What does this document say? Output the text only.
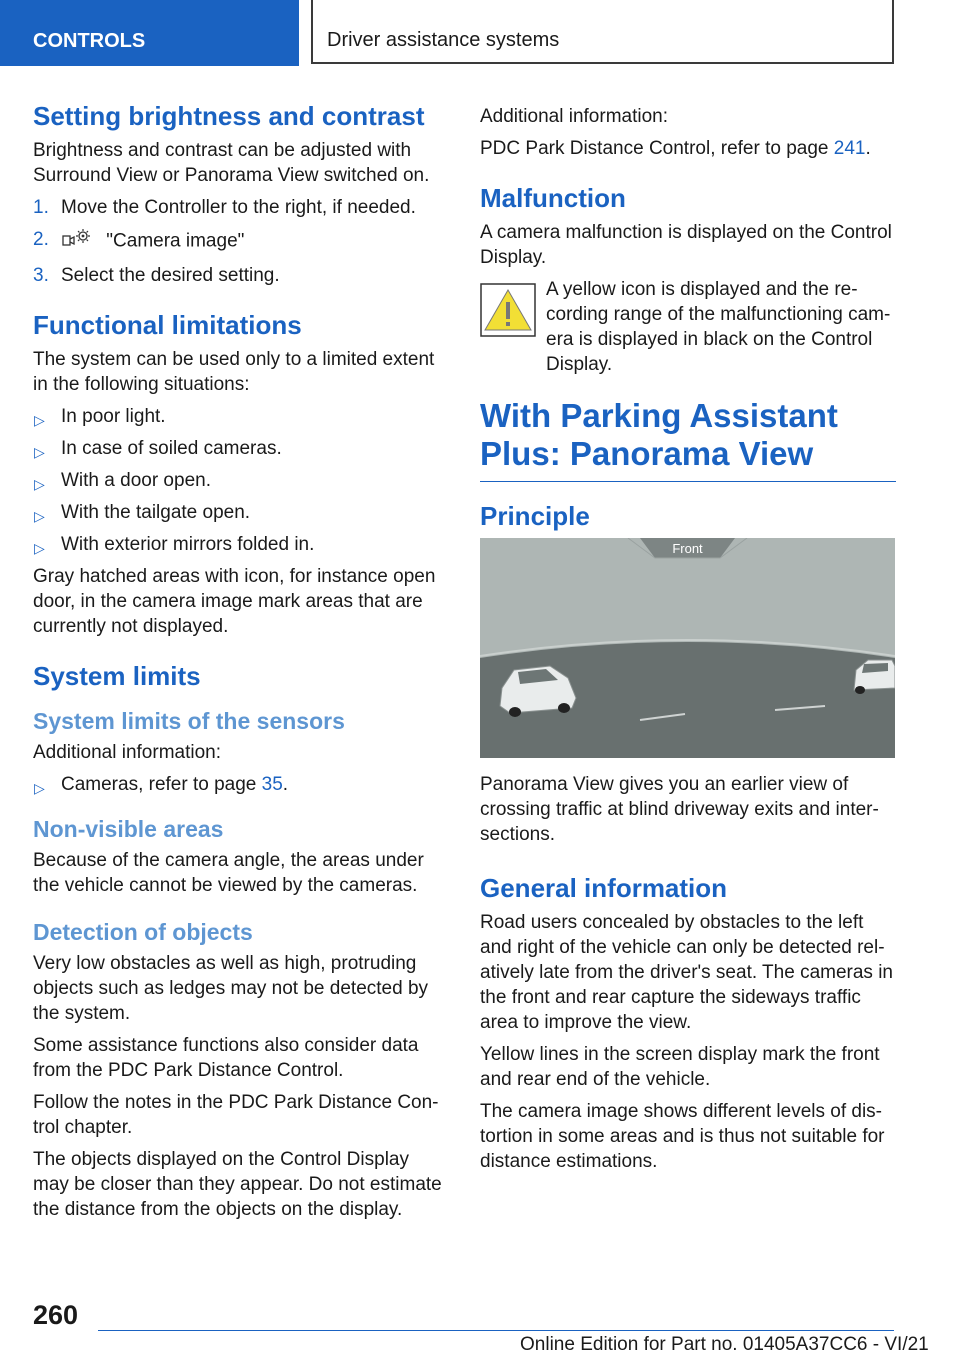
CONTROLS	Driver assistance systems
Setting brightness and contrast

Brightness and contrast can be adjusted with Surround View or Panorama View switched on.

1. Move the Controller to the right, if needed.
2.	"Camera image"
3. Select the desired setting.
Functional limitations

The system can be used only to a limited extent in the following situations:

▷ In poor light.
▷ In case of soiled cameras.
▷ With a door open.
▷ With the tailgate open.
▷ With exterior mirrors folded in.

Gray hatched areas with icon, for instance open door, in the camera image mark areas that are currently not displayed.

System limits
System limits of the sensors

Additional information:

▷ Cameras, refer to page 35.
Non-visible areas

Because of the camera angle, the areas under the vehicle cannot be viewed by the cameras.

Detection of objects

Very low obstacles as well as high, protruding objects such as ledges may not be detected by the system.

Some assistance functions also consider data from the PDC Park Distance Control.

Follow the notes in the PDC Park Distance Con‐trol chapter.

The objects displayed on the Control Display may be closer than they appear. Do not estimate the distance from the objects on the display.

Additional information:

PDC Park Distance Control, refer to page 241.

Malfunction

A camera malfunction is displayed on the Control Display.

A yellow icon is displayed and the re‐cording range of the malfunctioning cam‐era is displayed in black on the Control Display.

With Parking Assistant Plus: Panorama View
Principle
Front

Panorama View gives you an earlier view of crossing traffic at blind driveway exits and inter‐sections.

General information

Road users concealed by obstacles to the left and right of the vehicle can only be detected rel‐atively late from the driver's seat. The cameras in the front and rear capture the sideways traffic area to improve the view.

Yellow lines in the screen display mark the front and rear end of the vehicle.

The camera image shows different levels of dis‐tortion in some areas and is thus not suitable for distance estimations.

260
Online Edition for Part no. 01405A37CC6 - VI/21
